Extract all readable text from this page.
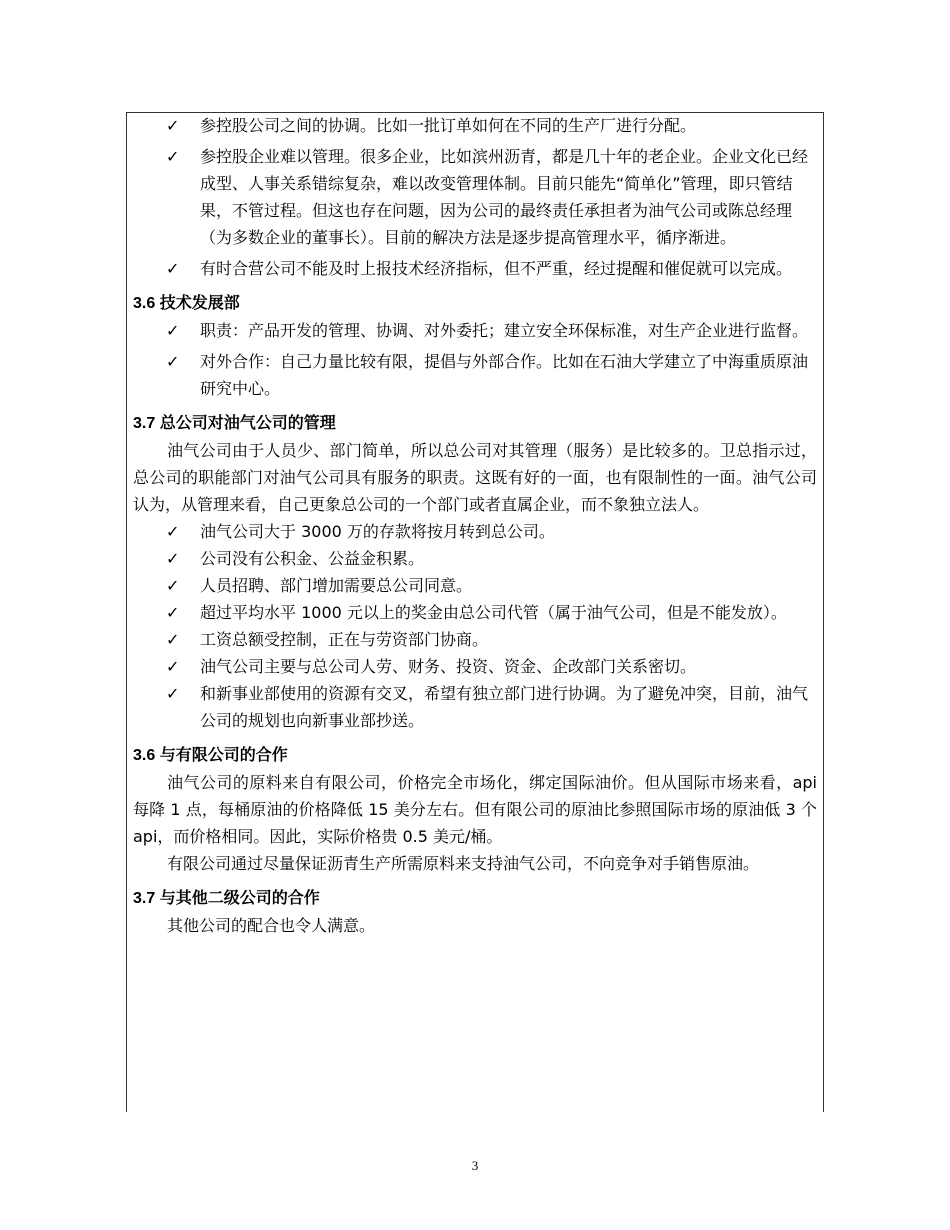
✓ 参控股公司之间的协调。比如一批订单如何在不同的生产厂进行分配。
✓ 参控股企业难以管理。很多企业，比如滨州沥青，都是几十年的老企业。企业文化已经成型、人事关系错综复杂，难以改变管理体制。目前只能先“简单化”管理，即只管结果，不管过程。但这也存在问题，因为公司的最终责任承担者为油气公司或陈总经理（为多数企业的董事长）。目前的解决方法是逐步提高管理水平，循序渐进。
✓ 有时合营公司不能及时上报技术经济指标，但不严重，经过提醒和催促就可以完成。
3.6 技术发展部
✓ 职责：产品开发的管理、协调、对外委托；建立安全环保标准，对生产企业进行监督。
✓ 对外合作：自己力量比较有限，提倡与外部合作。比如在石油大学建立了中海重质原油研究中心。
3.7 总公司对油气公司的管理
油气公司由于人员少、部门简单，所以总公司对其管理（服务）是比较多的。卫总指示过，总公司的职能部门对油气公司具有服务的职责。这既有好的一面，也有限制性的一面。油气公司认为，从管理来看，自己更象总公司的一个部门或者直属企业，而不象独立法人。
✓ 油气公司大于 3000 万的存款将按月转到总公司。
✓ 公司没有公积金、公益金积累。
✓ 人员招聘、部门增加需要总公司同意。
✓ 超过平均水平 1000 元以上的奖金由总公司代管（属于油气公司，但是不能发放）。
✓ 工资总额受控制，正在与劳资部门协商。
✓ 油气公司主要与总公司人劳、财务、投资、资金、企改部门关系密切。
✓ 和新事业部使用的资源有交叉，希望有独立部门进行协调。为了避免冲突，目前，油气公司的规划也向新事业部抄送。
3.6 与有限公司的合作
油气公司的原料来自有限公司，价格完全市场化，绑定国际油价。但从国际市场来看，api 每降 1 点，每桶原油的价格降低 15 美分左右。但有限公司的原油比参照国际市场的原油低 3 个 api，而价格相同。因此，实际价格贵 0.5 美元/桶。
有限公司通过尽量保证沥青生产所需原料来支持油气公司，不向竞争对手销售原油。
3.7 与其他二级公司的合作
其他公司的配合也令人满意。
3
